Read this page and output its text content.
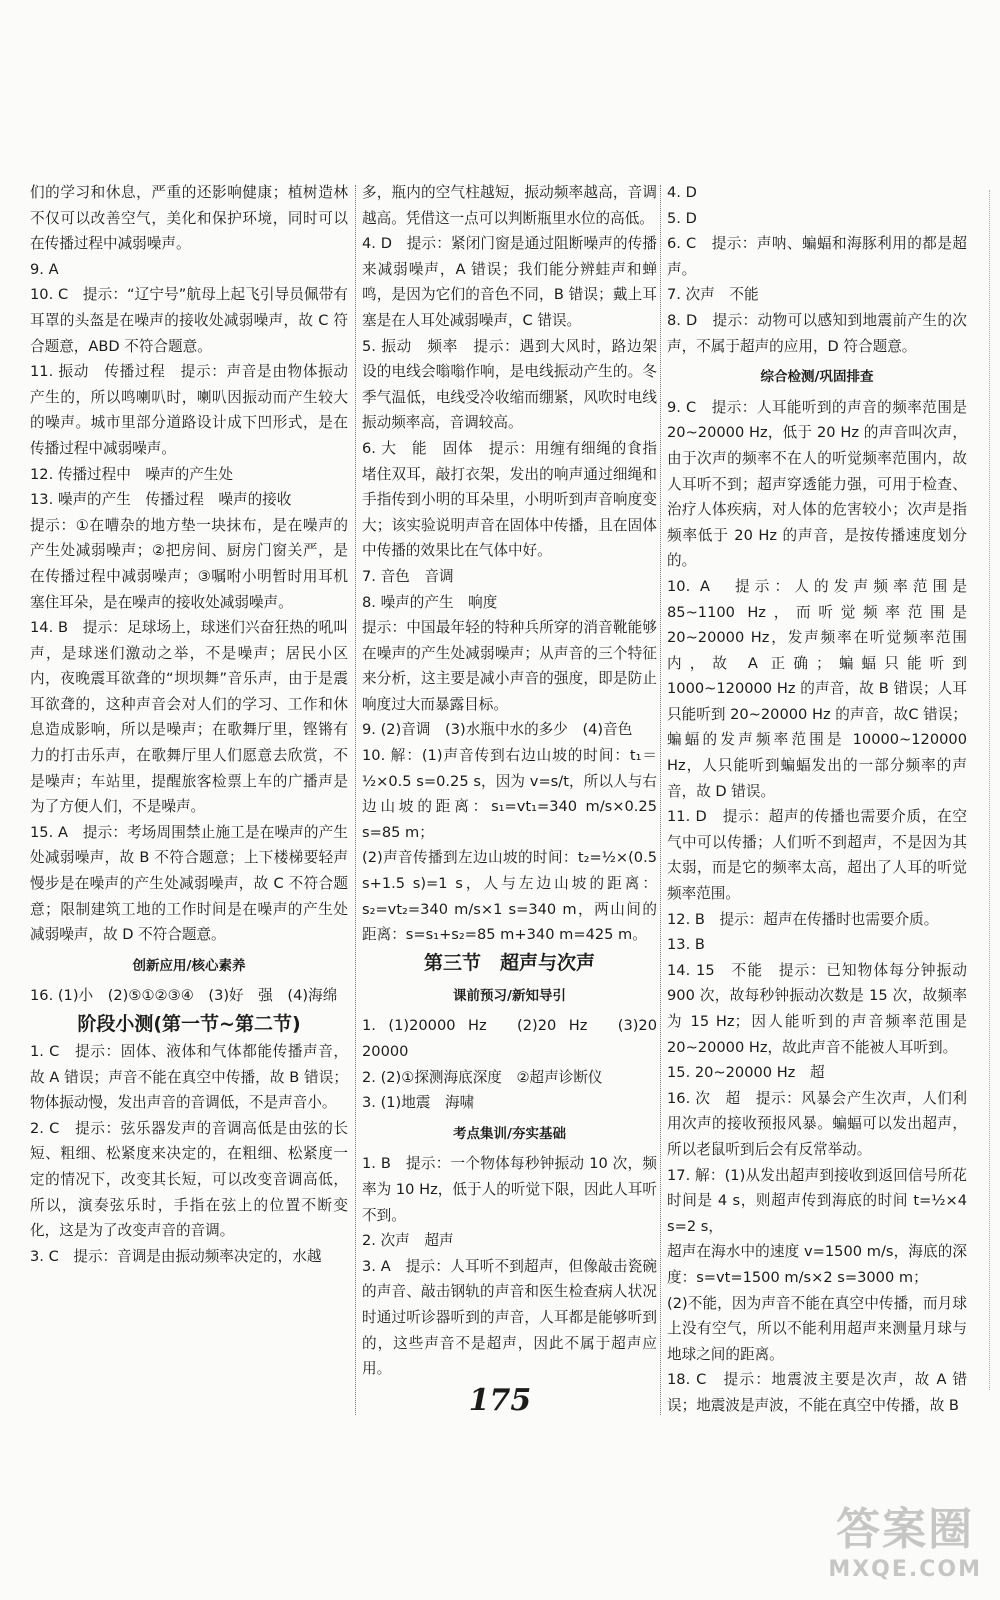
们的学习和休息，严重的还影响健康；植树造林不仅可以改善空气，美化和保护环境，同时可以在传播过程中减弱噪声。

9. A

10. C　提示：“辽宁号”航母上起飞引导员佩带有耳罩的头盔是在噪声的接收处减弱噪声，故 C 符合题意，ABD 不符合题意。

11. 振动　传播过程　提示：声音是由物体振动产生的，所以鸣喇叭时，喇叭因振动而产生较大的噪声。城市里部分道路设计成下凹形式，是在传播过程中减弱噪声。

12. 传播过程中　噪声的产生处

13. 噪声的产生　传播过程　噪声的接收

提示：①在嘈杂的地方垫一块抹布，是在噪声的产生处减弱噪声；②把房间、厨房门窗关严，是在传播过程中减弱噪声；③嘱咐小明暂时用耳机塞住耳朵，是在噪声的接收处减弱噪声。

14. B　提示：足球场上，球迷们兴奋狂热的吼叫声，是球迷们激动之举，不是噪声；居民小区内，夜晚震耳欲聋的“坝坝舞”音乐声，由于是震耳欲聋的，这种声音会对人们的学习、工作和休息造成影响，所以是噪声；在歌舞厅里，铿锵有力的打击乐声，在歌舞厅里人们愿意去欣赏，不是噪声；车站里，提醒旅客检票上车的广播声是为了方便人们，不是噪声。

15. A　提示：考场周围禁止施工是在噪声的产生处减弱噪声，故 B 不符合题意；上下楼梯要轻声慢步是在噪声的产生处减弱噪声，故 C 不符合题意；限制建筑工地的工作时间是在噪声的产生处减弱噪声，故 D 不符合题意。

创新应用/核心素养

16. (1)小　(2)⑤①②③④　(3)好　强　(4)海绵

阶段小测(第一节~第二节)

1. C　提示：固体、液体和气体都能传播声音，故 A 错误；声音不能在真空中传播，故 B 错误；物体振动慢，发出声音的音调低，不是声音小。

2. C　提示：弦乐器发声的音调高低是由弦的长短、粗细、松紧度来决定的，在粗细、松紧度一定的情况下，改变其长短，可以改变音调高低，所以，演奏弦乐时，手指在弦上的位置不断变化，这是为了改变声音的音调。

3. C　提示：音调是由振动频率决定的，水越

多，瓶内的空气柱越短，振动频率越高，音调越高。凭借这一点可以判断瓶里水位的高低。

4. D　提示：紧闭门窗是通过阻断噪声的传播来减弱噪声，A 错误；我们能分辨蛙声和蝉鸣，是因为它们的音色不同，B 错误；戴上耳塞是在人耳处减弱噪声，C 错误。

5. 振动　频率　提示：遇到大风时，路边架设的电线会嗡嗡作响，是电线振动产生的。冬季气温低，电线受冷收缩而绷紧，风吹时电线振动频率高，音调较高。

6. 大　能　固体　提示：用缠有细绳的食指堵住双耳，敲打衣架，发出的响声通过细绳和手指传到小明的耳朵里，小明听到声音响度变大；该实验说明声音在固体中传播，且在固体中传播的效果比在气体中好。

7. 音色　音调

8. 噪声的产生　响度

提示：中国最年轻的特种兵所穿的消音靴能够在噪声的产生处减弱噪声；从声音的三个特征来分析，这主要是减小声音的强度，即是防止响度过大而暴露目标。

9. (2)音调　(3)水瓶中水的多少　(4)音色

10. 解：(1)声音传到右边山坡的时间：t₁＝½×0.5 s=0.25 s，因为 v=s/t，所以人与右边山坡的距离：s₁=vt₁=340 m/s×0.25 s=85 m；

(2)声音传播到左边山坡的时间：t₂=½×(0.5 s+1.5 s)=1 s，人与左边山坡的距离：s₂=vt₂=340 m/s×1 s=340 m，两山间的距离：s=s₁+s₂=85 m+340 m=425 m。

第三节　超声与次声

课前预习/新知导引

1. (1)20000 Hz　(2)20 Hz　(3)20　20000

2. (2)①探测海底深度　②超声诊断仪

3. (1)地震　海啸

考点集训/夯实基础

1. B　提示：一个物体每秒钟振动 10 次，频率为 10 Hz，低于人的听觉下限，因此人耳听不到。

2. 次声　超声

3. A　提示：人耳听不到超声，但像敲击瓷碗的声音、敲击钢轨的声音和医生检查病人状况时通过听诊器听到的声音，人耳都是能够听到的，这些声音不是超声，因此不属于超声应用。

4. D

5. D

6. C　提示：声呐、蝙蝠和海豚利用的都是超声。

7. 次声　不能

8. D　提示：动物可以感知到地震前产生的次声，不属于超声的应用，D 符合题意。

综合检测/巩固排查

9. C　提示：人耳能听到的声音的频率范围是 20~20000 Hz，低于 20 Hz 的声音叫次声，由于次声的频率不在人的听觉频率范围内，故人耳听不到；超声穿透能力强，可用于检查、治疗人体疾病，对人体的危害较小；次声是指频率低于 20 Hz 的声音，是按传播速度划分的。

10. A　提示：人的发声频率范围是 85~1100 Hz，而听觉频率范围是 20~20000 Hz，发声频率在听觉频率范围内，故 A 正确；蝙蝠只能听到 1000~120000 Hz 的声音，故 B 错误；人耳只能听到 20~20000 Hz 的声音，故C 错误；蝙蝠的发声频率范围是 10000~120000 Hz，人只能听到蝙蝠发出的一部分频率的声音，故 D 错误。

11. D　提示：超声的传播也需要介质，在空气中可以传播；人们听不到超声，不是因为其太弱，而是它的频率太高，超出了人耳的听觉频率范围。

12. B　提示：超声在传播时也需要介质。

13. B

14. 15　不能　提示：已知物体每分钟振动 900 次，故每秒钟振动次数是 15 次，故频率为 15 Hz；因人能听到的声音频率范围是 20~20000 Hz，故此声音不能被人耳听到。

15. 20~20000 Hz　超

16. 次　超　提示：风暴会产生次声，人们利用次声的接收预报风暴。蝙蝠可以发出超声，所以老鼠听到后会有反常举动。

17. 解：(1)从发出超声到接收到返回信号所花时间是 4 s，则超声传到海底的时间 t=½×4 s=2 s，

超声在海水中的速度 v=1500 m/s，海底的深度：s=vt=1500 m/s×2 s=3000 m；

(2)不能，因为声音不能在真空中传播，而月球上没有空气，所以不能利用超声来测量月球与地球之间的距离。

18. C　提示：地震波主要是次声，故 A 错误；地震波是声波，不能在真空中传播，故 B

175
答案圈
MXQE.COM
